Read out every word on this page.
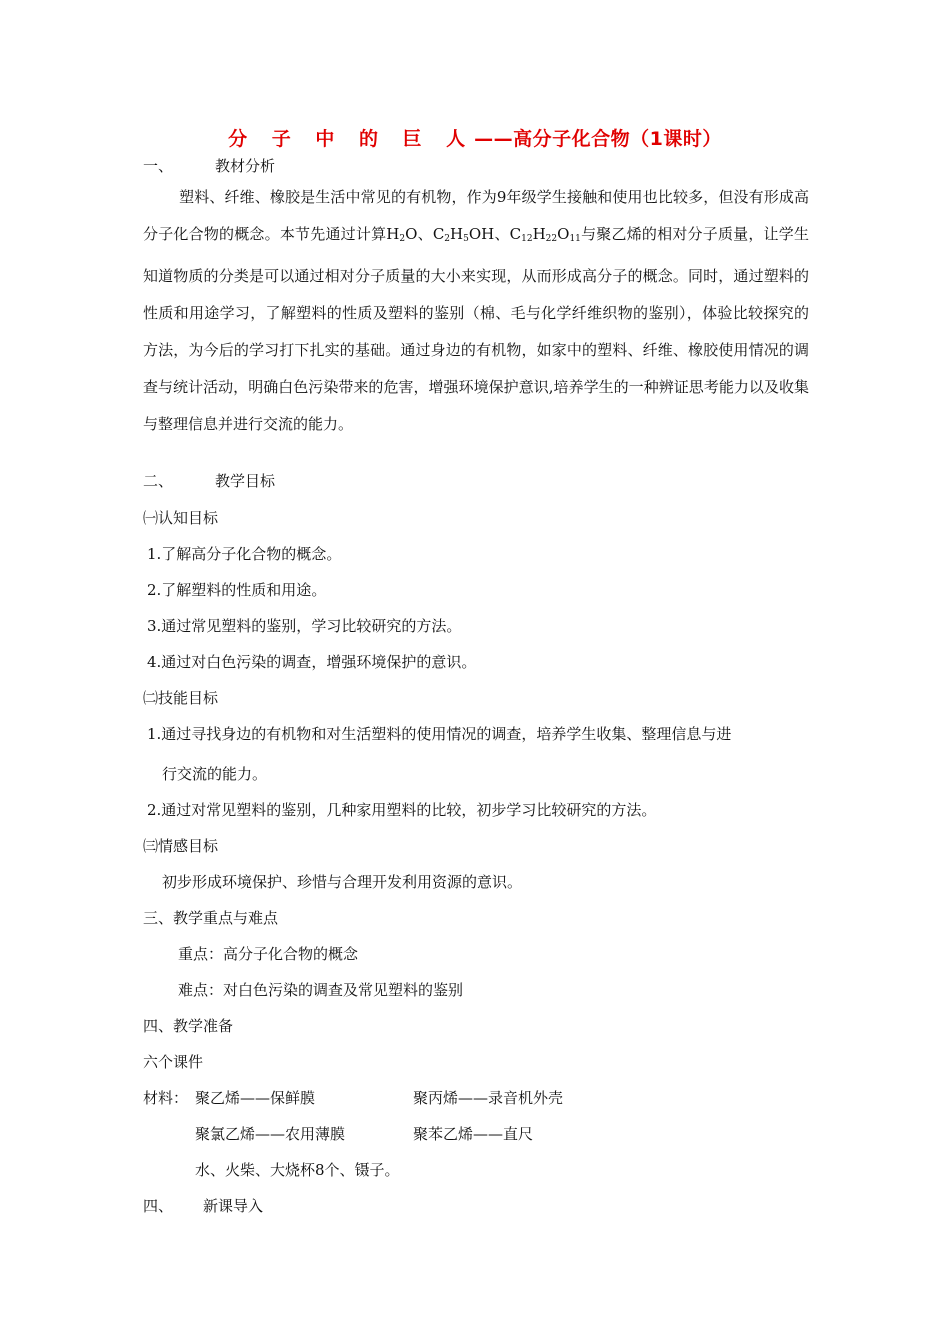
分 子 中 的 巨 人——高分子化合物（1课时）
一、	教材分析
塑料、纤维、橡胶是生活中常见的有机物，作为9年级学生接触和使用也比较多，但没有形成高分子化合物的概念。本节先通过计算$H_2O$、$C_2H_5OH$、$C_{12}H_{22}O_{11}$与聚乙烯的相对分子质量，让学生知道物质的分类是可以通过相对分子质量的大小来实现，从而形成高分子的概念。同时，通过塑料的性质和用途学习，了解塑料的性质及塑料的鉴别（棉、毛与化学纤维织物的鉴别），体验比较探究的方法，为今后的学习打下扎实的基础。通过身边的有机物，如家中的塑料、纤维、橡胶使用情况的调查与统计活动，明确白色污染带来的危害，增强环境保护意识,培养学生的一种辨证思考能力以及收集与整理信息并进行交流的能力。
二、	教学目标
㈠认知目标
1.了解高分子化合物的概念。
2.了解塑料的性质和用途。
3.通过常见塑料的鉴别，学习比较研究的方法。
4.通过对白色污染的调查，增强环境保护的意识。
㈡技能目标
1.通过寻找身边的有机物和对生活塑料的使用情况的调查，培养学生收集、整理信息与进
行交流的能力。
2.通过对常见塑料的鉴别，几种家用塑料的比较，初步学习比较研究的方法。
㈢情感目标
初步形成环境保护、珍惜与合理开发利用资源的意识。
三、教学重点与难点
重点：高分子化合物的概念
难点：对白色污染的调查及常见塑料的鉴别
四、教学准备
六个课件
材料： 聚乙烯——保鲜膜	聚丙烯——录音机外壳
聚氯乙烯——农用薄膜	聚苯乙烯——直尺
水、火柴、大烧杯8个、镊子。
四、 新课导入
